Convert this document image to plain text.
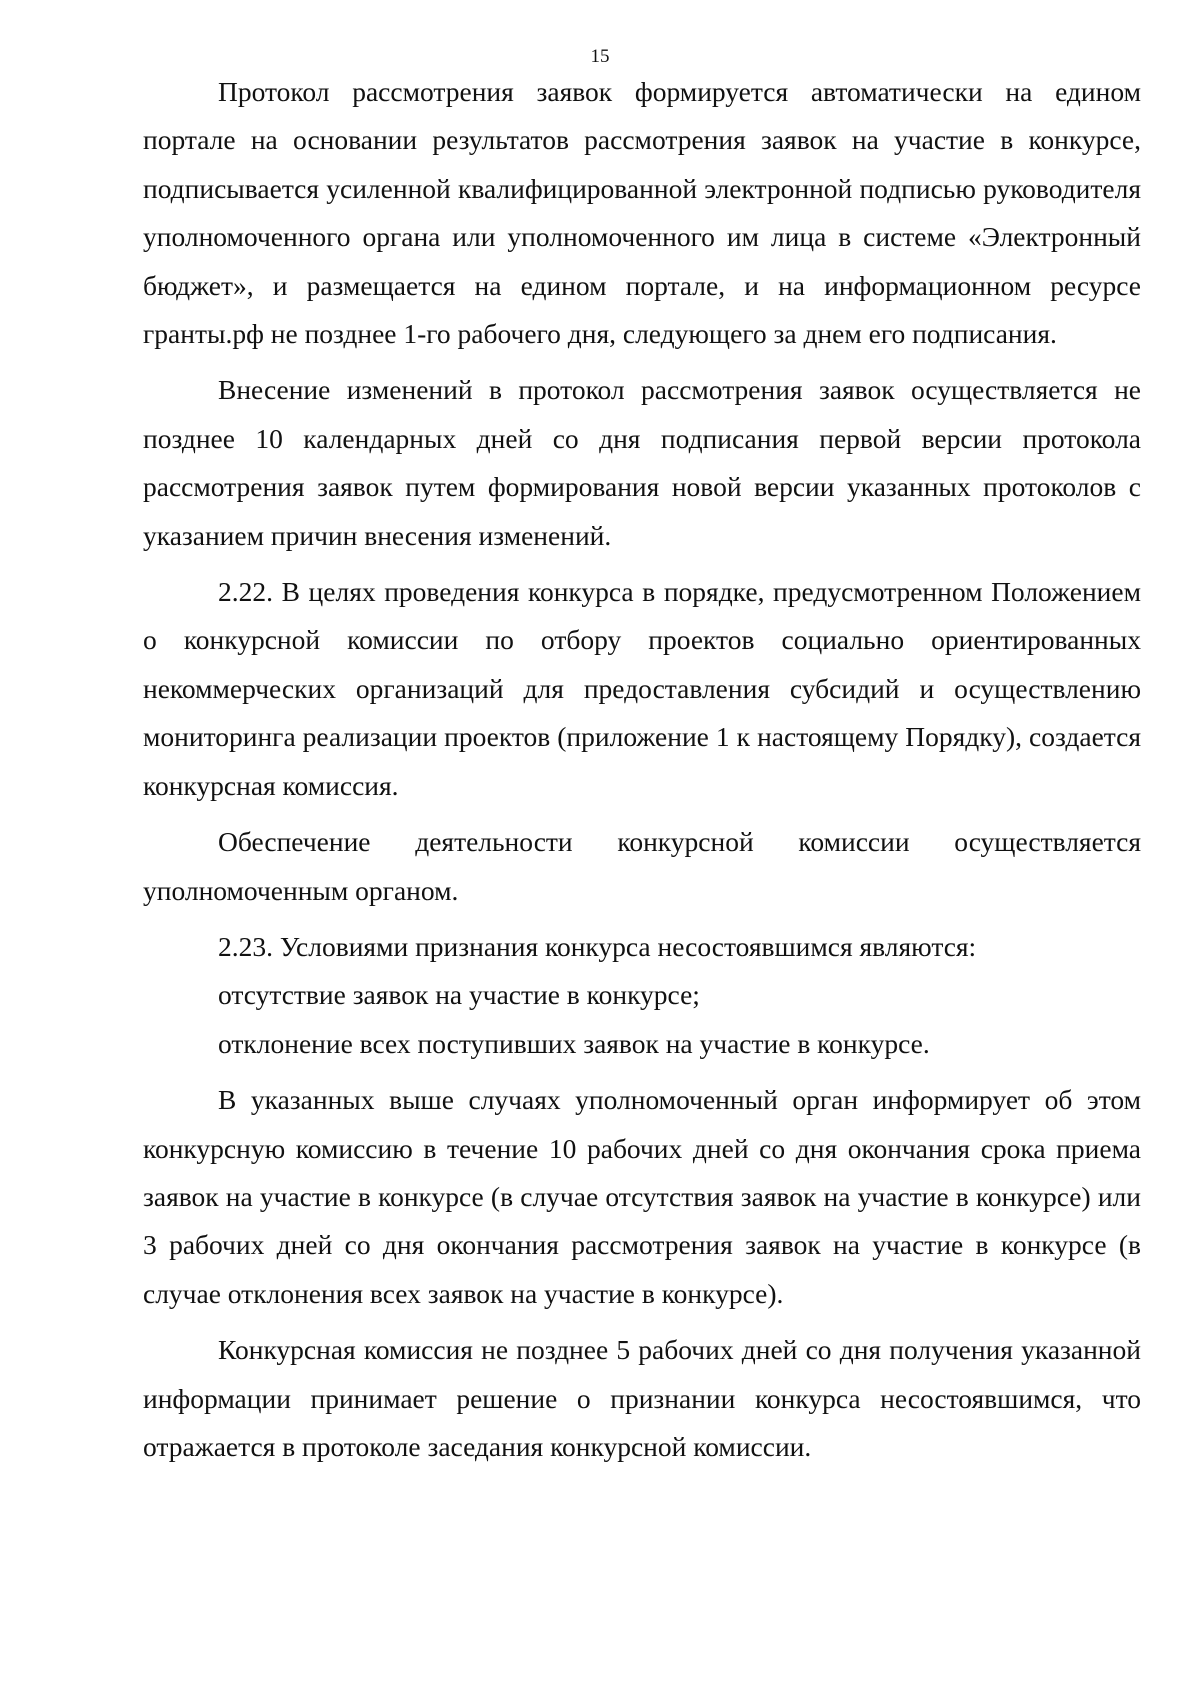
15

Протокол рассмотрения заявок формируется автоматически на едином портале на основании результатов рассмотрения заявок на участие в конкурсе, подписывается усиленной квалифицированной электронной подписью руководителя уполномоченного органа или уполномоченного им лица в системе «Электронный бюджет», и размещается на едином портале, и на информационном ресурсе гранты.рф не позднее 1-го рабочего дня, следующего за днем его подписания.

Внесение изменений в протокол рассмотрения заявок осуществляется не позднее 10 календарных дней со дня подписания первой версии протокола рассмотрения заявок путем формирования новой версии указанных протоколов с указанием причин внесения изменений.

2.22. В целях проведения конкурса в порядке, предусмотренном Положением о конкурсной комиссии по отбору проектов социально ориентированных некоммерческих организаций для предоставления субсидий и осуществлению мониторинга реализации проектов (приложение 1 к настоящему Порядку), создается конкурсная комиссия.

Обеспечение деятельности конкурсной комиссии осуществляется уполномоченным органом.

2.23. Условиями признания конкурса несостоявшимся являются:

отсутствие заявок на участие в конкурсе;

отклонение всех поступивших заявок на участие в конкурсе.

В указанных выше случаях уполномоченный орган информирует об этом конкурсную комиссию в течение 10 рабочих дней со дня окончания срока приема заявок на участие в конкурсе (в случае отсутствия заявок на участие в конкурсе) или 3 рабочих дней со дня окончания рассмотрения заявок на участие в конкурсе (в случае отклонения всех заявок на участие в конкурсе).

Конкурсная комиссия не позднее 5 рабочих дней со дня получения указанной информации принимает решение о признании конкурса несостоявшимся, что отражается в протоколе заседания конкурсной комиссии.
